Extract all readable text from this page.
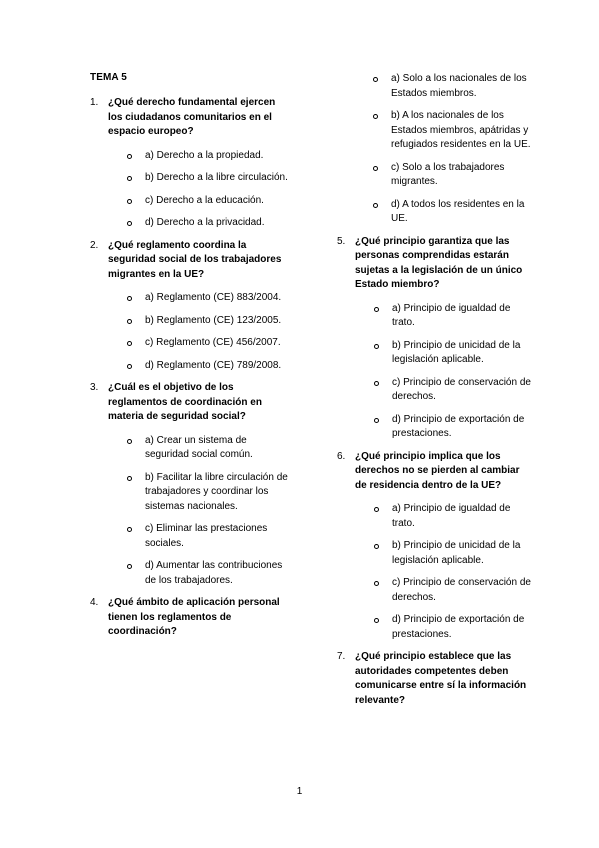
TEMA 5
1. ¿Qué derecho fundamental ejercen los ciudadanos comunitarios en el espacio europeo?
a) Derecho a la propiedad.
b) Derecho a la libre circulación.
c) Derecho a la educación.
d) Derecho a la privacidad.
2. ¿Qué reglamento coordina la seguridad social de los trabajadores migrantes en la UE?
a) Reglamento (CE) 883/2004.
b) Reglamento (CE) 123/2005.
c) Reglamento (CE) 456/2007.
d) Reglamento (CE) 789/2008.
3. ¿Cuál es el objetivo de los reglamentos de coordinación en materia de seguridad social?
a) Crear un sistema de seguridad social común.
b) Facilitar la libre circulación de trabajadores y coordinar los sistemas nacionales.
c) Eliminar las prestaciones sociales.
d) Aumentar las contribuciones de los trabajadores.
4. ¿Qué ámbito de aplicación personal tienen los reglamentos de coordinación?
a) Solo a los nacionales de los Estados miembros.
b) A los nacionales de los Estados miembros, apátridas y refugiados residentes en la UE.
c) Solo a los trabajadores migrantes.
d) A todos los residentes en la UE.
5. ¿Qué principio garantiza que las personas comprendidas estarán sujetas a la legislación de un único Estado miembro?
a) Principio de igualdad de trato.
b) Principio de unicidad de la legislación aplicable.
c) Principio de conservación de derechos.
d) Principio de exportación de prestaciones.
6. ¿Qué principio implica que los derechos no se pierden al cambiar de residencia dentro de la UE?
a) Principio de igualdad de trato.
b) Principio de unicidad de la legislación aplicable.
c) Principio de conservación de derechos.
d) Principio de exportación de prestaciones.
7. ¿Qué principio establece que las autoridades competentes deben comunicarse entre sí la información relevante?
1
